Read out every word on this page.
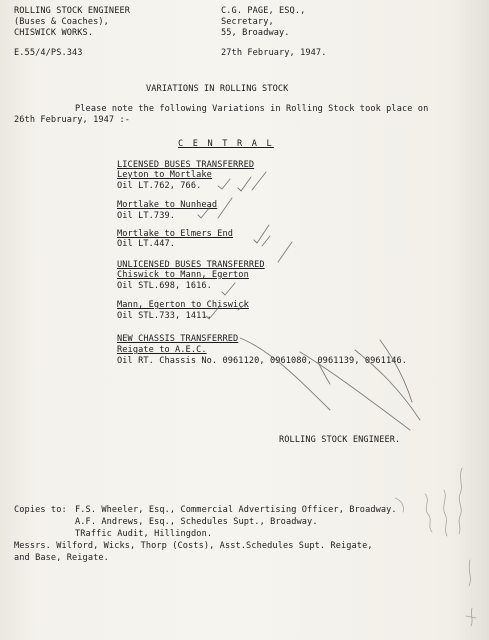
ROLLING STOCK ENGINEER
(Buses & Coaches),
CHISWICK WORKS.
C.G. PAGE, ESQ.,
Secretary,
55, Broadway.
E.55/4/PS.343	27th February, 1947.
VARIATIONS IN ROLLING STOCK
Please note the following Variations in Rolling Stock took place on
26th February, 1947 :-
C E N T R A L
LICENSED BUSES TRANSFERRED
Leyton to Mortlake
Oil LT.762, 766.
Mortlake to Nunhead
Oil LT.739.
Mortlake to Elmers End
Oil LT.447.
UNLICENSED BUSES TRANSFERRED
Chiswick to Mann, Egerton
Oil STL.698, 1616.
Mann, Egerton to Chiswick
Oil STL.733, 1411.
NEW CHASSIS TRANSFERRED
Reigate to A.E.C.
Oil RT. Chassis No. 0961120, 0961080, 0961139, 0961146.
ROLLING STOCK ENGINEER.
Copies to: F.S. Wheeler, Esq., Commercial Advertising Officer, Broadway.
A.F. Andrews, Esq., Schedules Supt., Broadway.
TRaffic Audit, Hillingdon.
Messrs. Wilford, Wicks, Thorp (Costs), Asst.Schedules Supt. Reigate,
and Base, Reigate.
